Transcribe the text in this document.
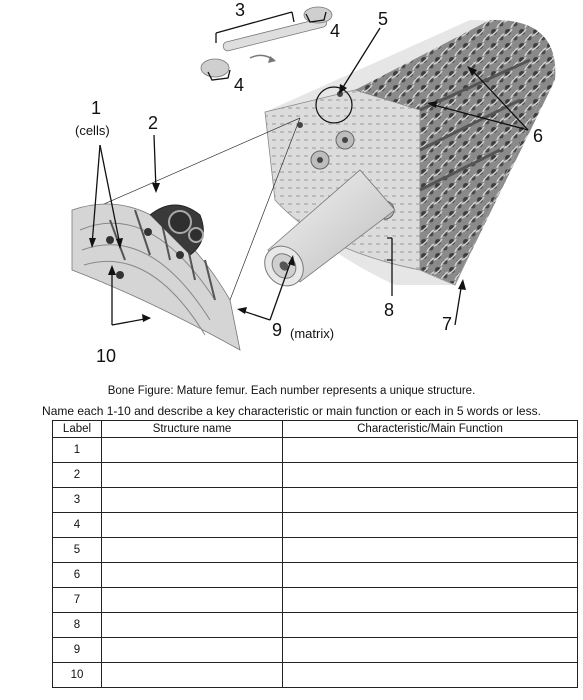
1
(cells) 2
3
4
4
5
6
7
8
9 (matrix)
10
Bone Figure: Mature femur. Each number represents a unique structure.
Name each 1-10 and describe a key characteristic or main function or each in 5 words or less.
Label	Structure name	Characteristic/Main Function
1		
2		
3		
4		
5		
6		
7		
8		
9		
10		
